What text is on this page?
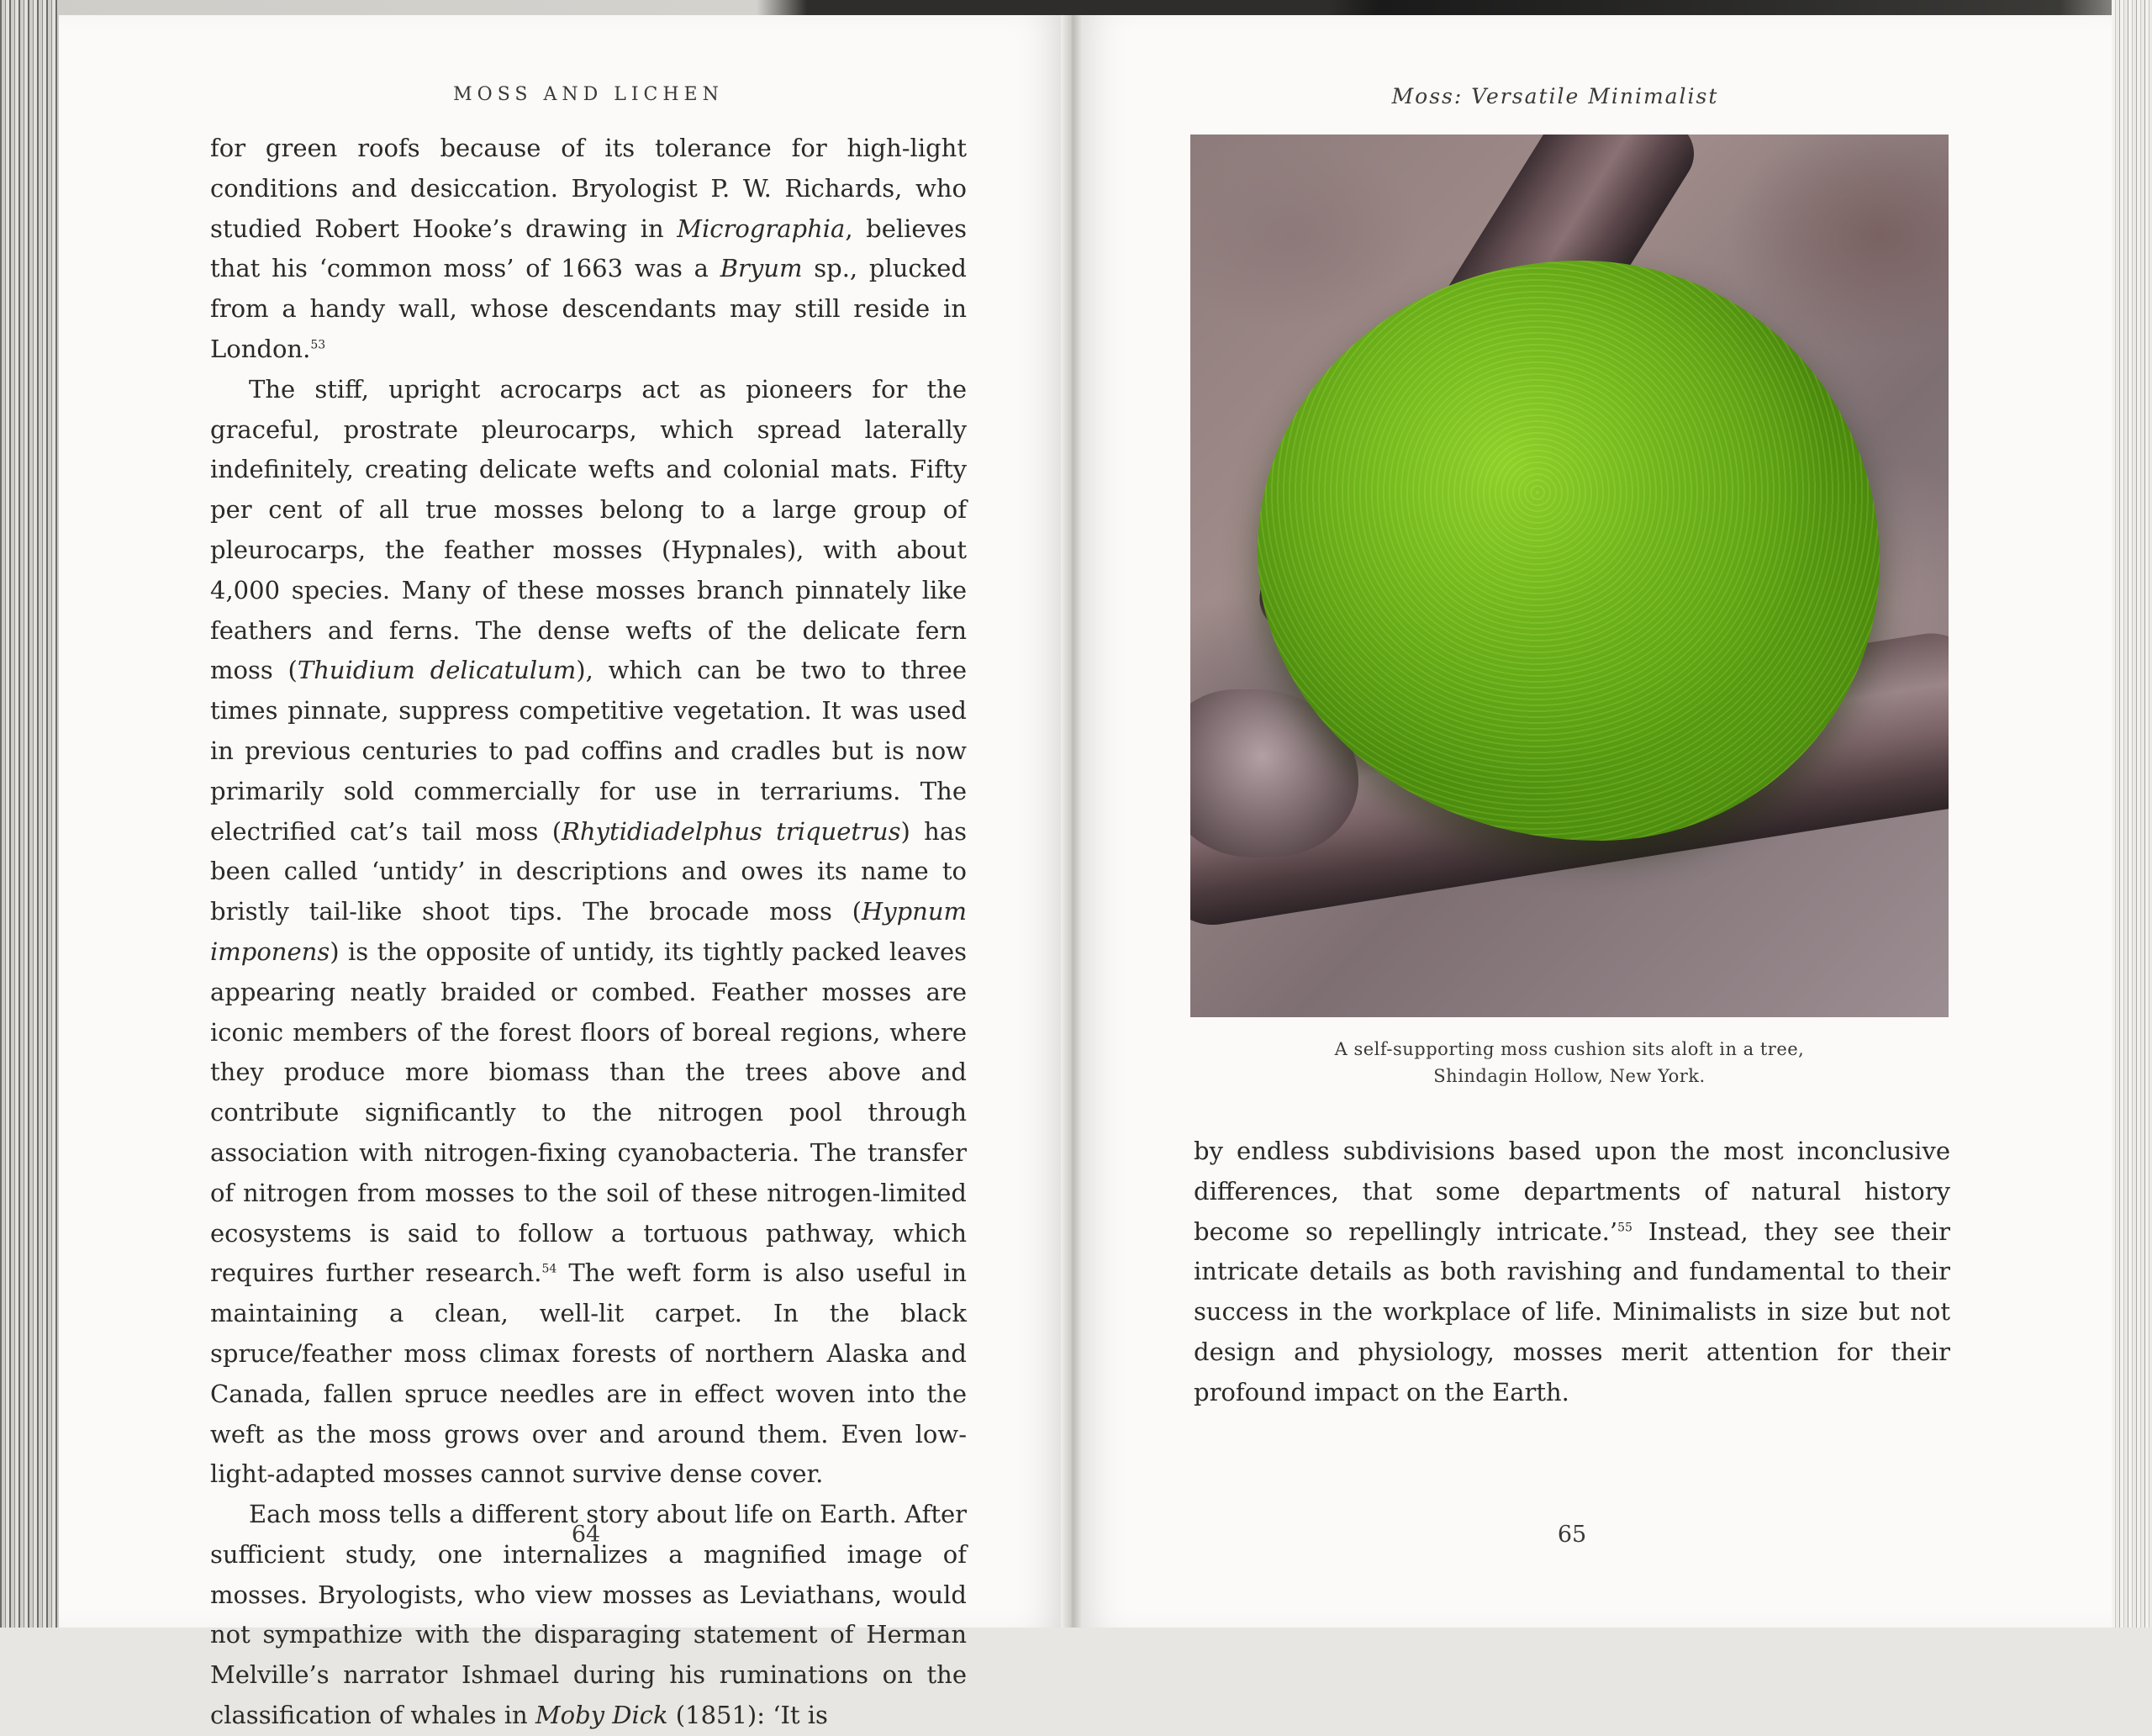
MOSS AND LICHEN

for green roofs because of its tolerance for high-light conditions and desiccation. Bryologist P. W. Richards, who studied Robert Hooke’s drawing in Micrographia, believes that his ‘common moss’ of 1663 was a Bryum sp., plucked from a handy wall, whose descendants may still reside in London.$^{53}$

The stiff, upright acrocarps act as pioneers for the graceful, prostrate pleurocarps, which spread laterally indefinitely, creating delicate wefts and colonial mats. Fifty per cent of all true mosses belong to a large group of pleurocarps, the feather mosses (Hypnales), with about 4,000 species. Many of these mosses branch pinnately like feathers and ferns. The dense wefts of the delicate fern moss (Thuidium delicatulum), which can be two to three times pinnate, suppress competitive vegetation. It was used in previous centuries to pad coffins and cradles but is now primarily sold commercially for use in terrariums. The electrified cat’s tail moss (Rhytidiadelphus triquetrus) has been called ‘untidy’ in descriptions and owes its name to bristly tail-like shoot tips. The brocade moss (Hypnum imponens) is the opposite of untidy, its tightly packed leaves appearing neatly braided or combed. Feather mosses are iconic members of the forest floors of boreal regions, where they produce more biomass than the trees above and contribute significantly to the nitrogen pool through association with nitrogen-fixing cyanobacteria. The transfer of nitrogen from mosses to the soil of these nitrogen-limited ecosystems is said to follow a tortuous pathway, which requires further research.$^{54}$ The weft form is also useful in maintaining a clean, well-lit carpet. In the black spruce/feather moss climax forests of northern Alaska and Canada, fallen spruce needles are in effect woven into the weft as the moss grows over and around them. Even low-light-adapted mosses cannot survive dense cover.

Each moss tells a different story about life on Earth. After sufficient study, one internalizes a magnified image of mosses. Bryologists, who view mosses as Leviathans, would not sympathize with the disparaging statement of Herman Melville’s narrator Ishmael during his ruminations on the classification of whales in Moby Dick (1851): ‘It is

64
Moss: Versatile Minimalist
A self-supporting moss cushion sits aloft in a tree,
Shindagin Hollow, New York.

by endless subdivisions based upon the most inconclusive differences, that some departments of natural history become so repellingly intricate.’$^{55}$ Instead, they see their intricate details as both ravishing and fundamental to their success in the workplace of life. Minimalists in size but not design and physiology, mosses merit attention for their profound impact on the Earth.

65
